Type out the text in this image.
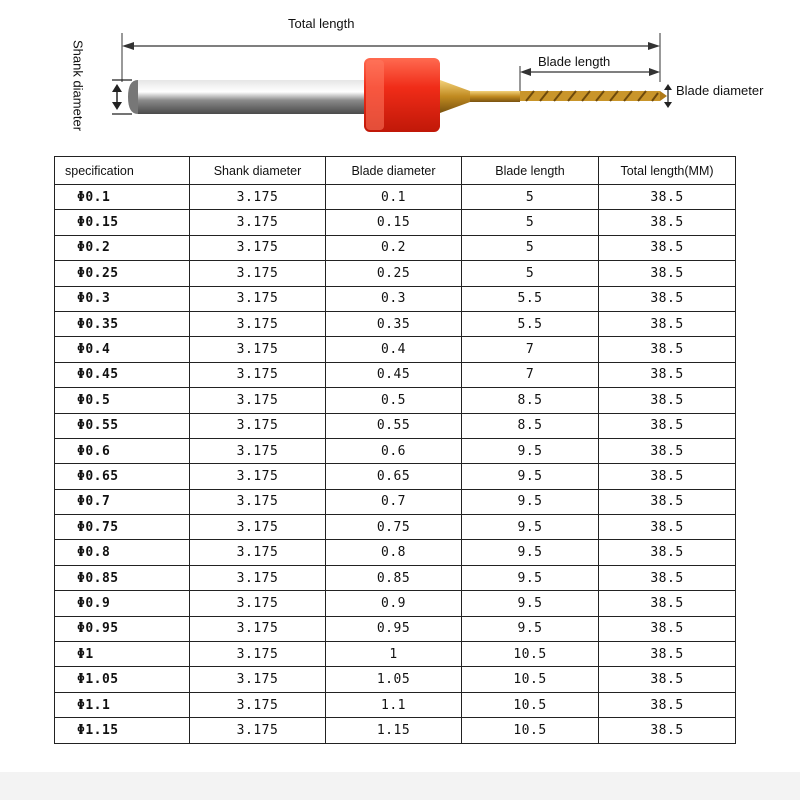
Total length
Blade length
Blade diameter
Shank diameter
specification	Shank diameter	Blade diameter	Blade length	Total length(MM)
Φ0.1	3.175	0.1	5	38.5
Φ0.15	3.175	0.15	5	38.5
Φ0.2	3.175	0.2	5	38.5
Φ0.25	3.175	0.25	5	38.5
Φ0.3	3.175	0.3	5.5	38.5
Φ0.35	3.175	0.35	5.5	38.5
Φ0.4	3.175	0.4	7	38.5
Φ0.45	3.175	0.45	7	38.5
Φ0.5	3.175	0.5	8.5	38.5
Φ0.55	3.175	0.55	8.5	38.5
Φ0.6	3.175	0.6	9.5	38.5
Φ0.65	3.175	0.65	9.5	38.5
Φ0.7	3.175	0.7	9.5	38.5
Φ0.75	3.175	0.75	9.5	38.5
Φ0.8	3.175	0.8	9.5	38.5
Φ0.85	3.175	0.85	9.5	38.5
Φ0.9	3.175	0.9	9.5	38.5
Φ0.95	3.175	0.95	9.5	38.5
Φ1	3.175	1	10.5	38.5
Φ1.05	3.175	1.05	10.5	38.5
Φ1.1	3.175	1.1	10.5	38.5
Φ1.15	3.175	1.15	10.5	38.5
